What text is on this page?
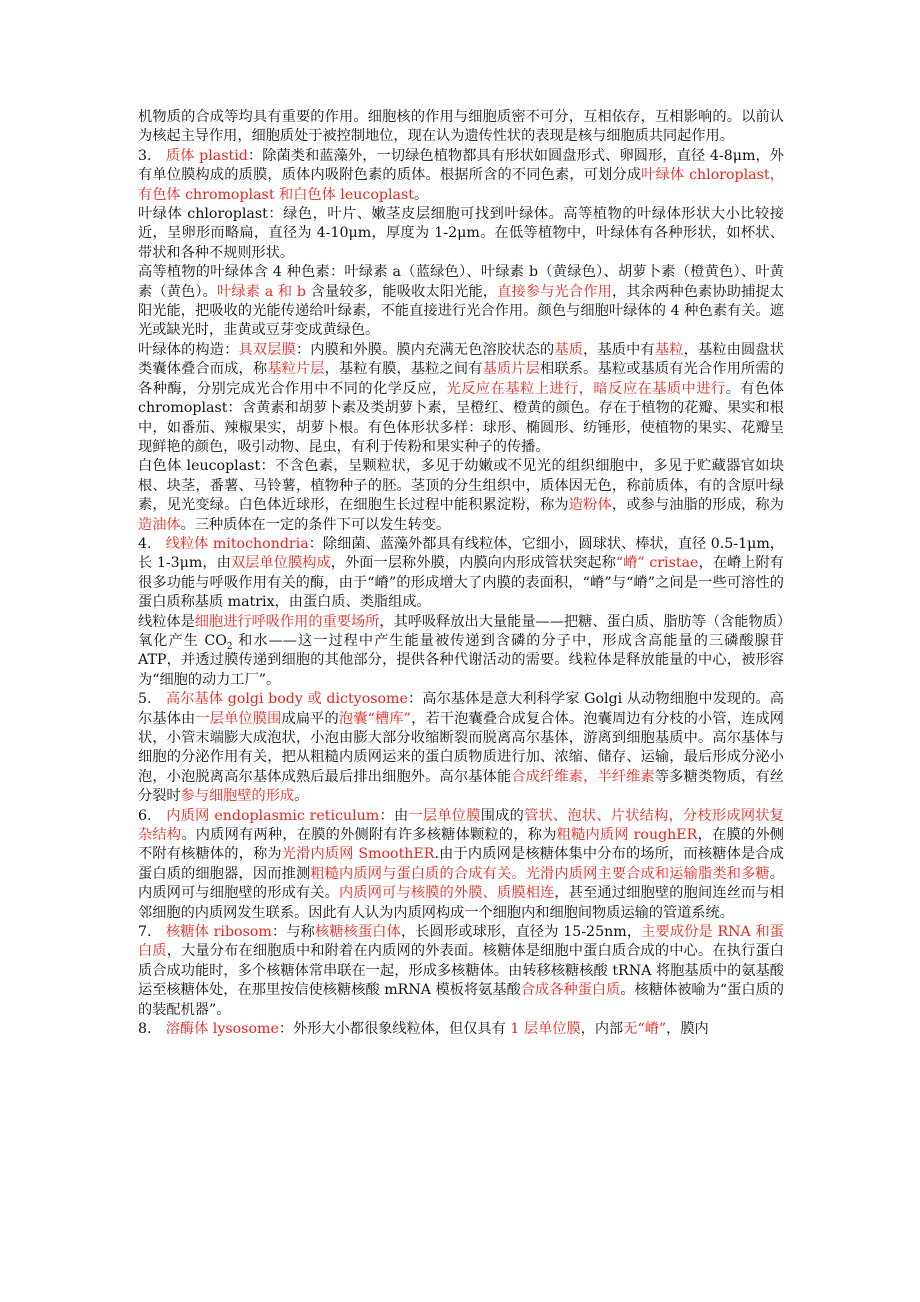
机物质的合成等均具有重要的作用。细胞核的作用与细胞质密不可分，互相依存，互相影响的。以前认为核起主导作用，细胞质处于被控制地位，现在认为遗传性状的表现是核与细胞质共同起作用。

3.　质体 plastid：除菌类和蓝藻外，一切绿色植物都具有形状如圆盘形式、卵圆形，直径 4-8μm，外有单位膜构成的质膜，质体内吸附色素的质体。根据所含的不同色素，可划分成叶绿体 chloroplast，有色体 chromoplast 和白色体 leucoplast。

叶绿体 chloroplast：绿色，叶片、嫩茎皮层细胞可找到叶绿体。高等植物的叶绿体形状大小比较接近，呈卵形而略扁，直径为 4-10μm，厚度为 1-2μm。在低等植物中，叶绿体有各种形状，如杯状、带状和各种不规则形状。

高等植物的叶绿体含 4 种色素：叶绿素 a（蓝绿色）、叶绿素 b（黄绿色）、胡萝卜素（橙黄色）、叶黄素（黄色）。叶绿素 a 和 b 含量较多，能吸收太阳光能，直接参与光合作用，其余两种色素协助捕捉太阳光能，把吸收的光能传递给叶绿素，不能直接进行光合作用。颜色与细胞叶绿体的 4 种色素有关。遮光或缺光时，韭黄或豆芽变成黄绿色。

叶绿体的构造：具双层膜：内膜和外膜。膜内充满无色溶胶状态的基质，基质中有基粒，基粒由圆盘状类囊体叠合而成，称基粒片层，基粒有膜，基粒之间有基质片层相联系。基粒或基质有光合作用所需的各种酶，分别完成光合作用中不同的化学反应，光反应在基粒上进行，暗反应在基质中进行。有色体 chromoplast：含黄素和胡萝卜素及类胡萝卜素，呈橙红、橙黄的颜色。存在于植物的花瓣、果实和根中，如番茄、辣椒果实，胡萝卜根。有色体形状多样：球形、椭圆形、纺锤形，使植物的果实、花瓣呈现鲜艳的颜色，吸引动物、昆虫，有利于传粉和果实种子的传播。

白色体 leucoplast：不含色素，呈颗粒状，多见于幼嫩或不见光的组织细胞中，多见于贮藏器官如块根、块茎，番薯、马铃薯，植物种子的胚。茎顶的分生组织中，质体因无色，称前质体，有的含原叶绿素，见光变绿。白色体近球形，在细胞生长过程中能积累淀粉，称为造粉体，或参与油脂的形成，称为造油体。三种质体在一定的条件下可以发生转变。

4.　线粒体 mitochondria：除细菌、蓝藻外都具有线粒体，它细小，圆球状、棒状，直径 0.5-1μm，长 1-3μm，由双层单位膜构成，外面一层称外膜，内膜向内形成管状突起称“嵴” cristae，在嵴上附有很多功能与呼吸作用有关的酶，由于“嵴”的形成增大了内膜的表面积，“嵴”与“嵴”之间是一些可溶性的蛋白质称基质 matrix，由蛋白质、类脂组成。

线粒体是细胞进行呼吸作用的重要场所，其呼吸释放出大量能量——把糖、蛋白质、脂肪等（含能物质）氧化产生 $CO_2$ 和水——这一过程中产生能量被传递到含磷的分子中，形成含高能量的三磷酸腺苷 ATP，并透过膜传递到细胞的其他部分，提供各种代谢活动的需要。线粒体是释放能量的中心，被形容为“细胞的动力工厂”。

5.　高尔基体 golgi body 或 dictyosome：高尔基体是意大利科学家 Golgi 从动物细胞中发现的。高尔基体由一层单位膜围成扁平的泡囊“槽库”，若干泡囊叠合成复合体。泡囊周边有分枝的小管，连成网状，小管末端膨大成泡状，小泡由膨大部分收缩断裂而脱离高尔基体，游离到细胞基质中。高尔基体与细胞的分泌作用有关，把从粗糙内质网运来的蛋白质物质进行加、浓缩、储存、运输，最后形成分泌小泡，小泡脱离高尔基体成熟后最后排出细胞外。高尔基体能合成纤维素，半纤维素等多糖类物质，有丝分裂时参与细胞壁的形成。

6.　内质网 endoplasmic reticulum：由一层单位膜围成的管状、泡状、片状结构，分枝形成网状复杂结构。内质网有两种，在膜的外侧附有许多核糖体颗粒的，称为粗糙内质网 roughER，在膜的外侧不附有核糖体的，称为光滑内质网 SmoothER.由于内质网是核糖体集中分布的场所，而核糖体是合成蛋白质的细胞器，因而推测粗糙内质网与蛋白质的合成有关。光滑内质网主要合成和运输脂类和多糖。内质网可与细胞壁的形成有关。内质网可与核膜的外膜、质膜相连，甚至通过细胞壁的胞间连丝而与相邻细胞的内质网发生联系。因此有人认为内质网构成一个细胞内和细胞间物质运输的管道系统。

7.　核糖体 ribosom：与称核糖核蛋白体，长圆形或球形，直径为 15-25nm，主要成份是 RNA 和蛋白质，大量分布在细胞质中和附着在内质网的外表面。核糖体是细胞中蛋白质合成的中心。在执行蛋白质合成功能时，多个核糖体常串联在一起，形成多核糖体。由转移核糖核酸 tRNA 将胞基质中的氨基酸运至核糖体处，在那里按信使核糖核酸 mRNA 模板将氨基酸合成各种蛋白质。核糖体被喻为“蛋白质的的装配机器”。

8.　溶酶体 lysosome：外形大小都很象线粒体，但仅具有 1 层单位膜，内部无“嵴”，膜内
